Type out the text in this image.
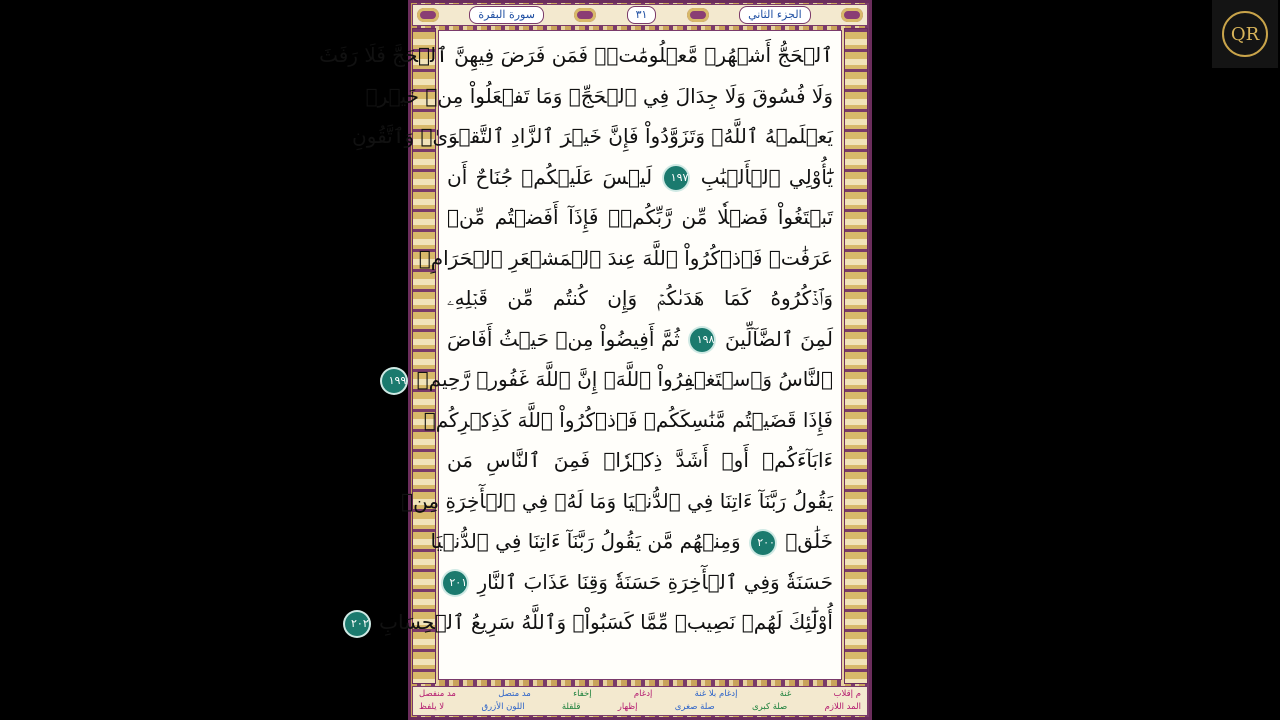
سورة البقرة	٣١	الجزء الثاني
ٱلۡحَجُّ أَشۡهُرٞ مَّعۡلُومَٰتٞۚ فَمَن فَرَضَ فِيهِنَّ ٱلۡحَجَّ فَلَا رَفَثَ
وَلَا فُسُوقَ وَلَا جِدَالَ فِي ٱلۡحَجِّۗ وَمَا تَفۡعَلُواْ مِنۡ خَيۡرٖ
يَعۡلَمۡهُ ٱللَّهُۗ وَتَزَوَّدُواْ فَإِنَّ خَيۡرَ ٱلزَّادِ ٱلتَّقۡوَىٰۖ وَٱتَّقُونِ
يَٰٓأُوْلِي ٱلۡأَلۡبَٰبِ ١٩٧ لَيۡسَ عَلَيۡكُمۡ جُنَاحٌ أَن
تَبۡتَغُواْ فَضۡلٗا مِّن رَّبِّكُمۡۚ فَإِذَآ أَفَضۡتُم مِّنۡ
عَرَفَٰتٖ فَٱذۡكُرُواْ ٱللَّهَ عِندَ ٱلۡمَشۡعَرِ ٱلۡحَرَامِۖ
وَٱذۡكُرُوهُ كَمَا هَدَىٰكُمۡ وَإِن كُنتُم مِّن قَبۡلِهِۦ
لَمِنَ ٱلضَّآلِّينَ ١٩٨ ثُمَّ أَفِيضُواْ مِنۡ حَيۡثُ أَفَاضَ
ٱلنَّاسُ وَٱسۡتَغۡفِرُواْ ٱللَّهَۚ إِنَّ ٱللَّهَ غَفُورٞ رَّحِيمٞ ١٩٩
فَإِذَا قَضَيۡتُم مَّنَٰسِكَكُمۡ فَٱذۡكُرُواْ ٱللَّهَ كَذِكۡرِكُمۡ
ءَابَآءَكُمۡ أَوۡ أَشَدَّ ذِكۡرٗاۗ فَمِنَ ٱلنَّاسِ مَن
يَقُولُ رَبَّنَآ ءَاتِنَا فِي ٱلدُّنۡيَا وَمَا لَهُۥ فِي ٱلۡأٓخِرَةِ مِنۡ
خَلَٰقٖ ٢٠٠ وَمِنۡهُم مَّن يَقُولُ رَبَّنَآ ءَاتِنَا فِي ٱلدُّنۡيَا
حَسَنَةٗ وَفِي ٱلۡأٓخِرَةِ حَسَنَةٗ وَقِنَا عَذَابَ ٱلنَّارِ ٢٠١
أُوْلَٰٓئِكَ لَهُمۡ نَصِيبٞ مِّمَّا كَسَبُواْۚ وَٱللَّهُ سَرِيعُ ٱلۡحِسَابِ ٢٠٢
م إقلاب
غنة
إدغام بلا غنة
إدغام
إخفاء
مد متصل
مد منفصل
المد اللازم
صلة كبرى
صلة صغرى
إظهار
قلقلة
اللون الأزرق
لا يلفظ
QR
